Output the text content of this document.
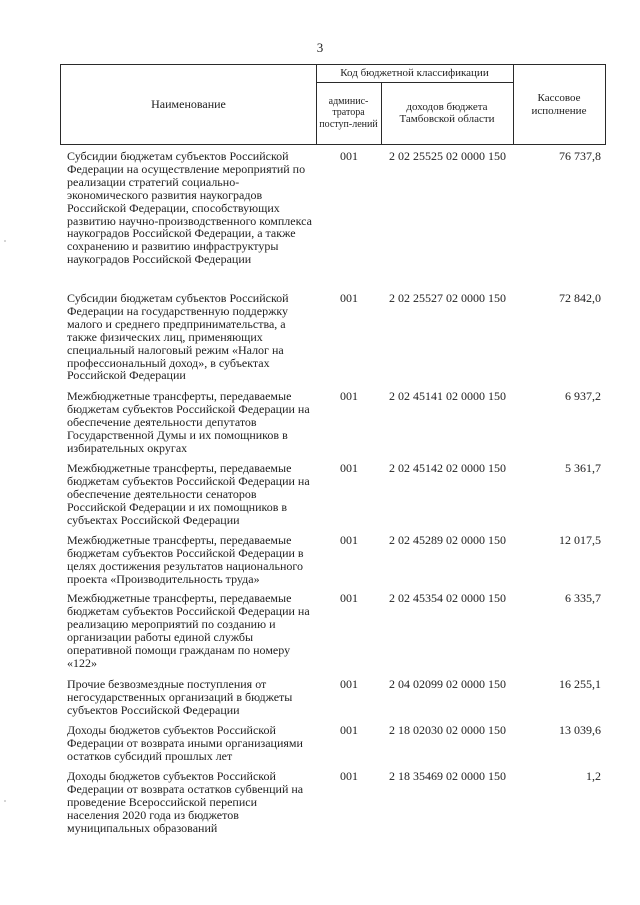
3
Наименование
Код бюджетной классификации
админис-тратора поступ-лений
доходов бюджета Тамбовской области
Кассовое исполнение
Субсидии бюджетам субъектов Российской Федерации на осуществление мероприятий по реализации стратегий социально-экономического развития наукоградов Российской Федерации, способствующих развитию научно-производственного комплекса наукоградов Российской Федерации, а также сохранению и развитию инфраструктуры наукоградов Российской Федерации
001	2 02 25525 02 0000 150	76 737,8
Субсидии бюджетам субъектов Российской Федерации на государственную поддержку малого и среднего предпринимательства, а также физических лиц, применяющих специальный налоговый режим «Налог на профессиональный доход», в субъектах Российской Федерации
001	2 02 25527 02 0000 150	72 842,0
Межбюджетные трансферты, передаваемые бюджетам субъектов Российской Федерации на обеспечение деятельности депутатов Государственной Думы и их помощников в избирательных округах
001	2 02 45141 02 0000 150	6 937,2
Межбюджетные трансферты, передаваемые бюджетам субъектов Российской Федерации на обеспечение деятельности сенаторов Российской Федерации и их помощников в субъектах Российской Федерации
001	2 02 45142 02 0000 150	5 361,7
Межбюджетные трансферты, передаваемые бюджетам субъектов Российской Федерации в целях достижения результатов национального проекта «Производительность труда»
001	2 02 45289 02 0000 150	12 017,5
Межбюджетные трансферты, передаваемые бюджетам субъектов Российской Федерации на реализацию мероприятий по созданию и организации работы единой службы оперативной помощи гражданам по номеру «122»
001	2 02 45354 02 0000 150	6 335,7
Прочие безвозмездные поступления от негосударственных организаций в бюджеты субъектов Российской Федерации
001	2 04 02099 02 0000 150	16 255,1
Доходы бюджетов субъектов Российской Федерации от возврата иными организациями остатков субсидий прошлых лет
001	2 18 02030 02 0000 150	13 039,6
Доходы бюджетов субъектов Российской Федерации от возврата остатков субвенций на проведение Всероссийской переписи населения 2020 года из бюджетов муниципальных образований
001	2 18 35469 02 0000 150	1,2
